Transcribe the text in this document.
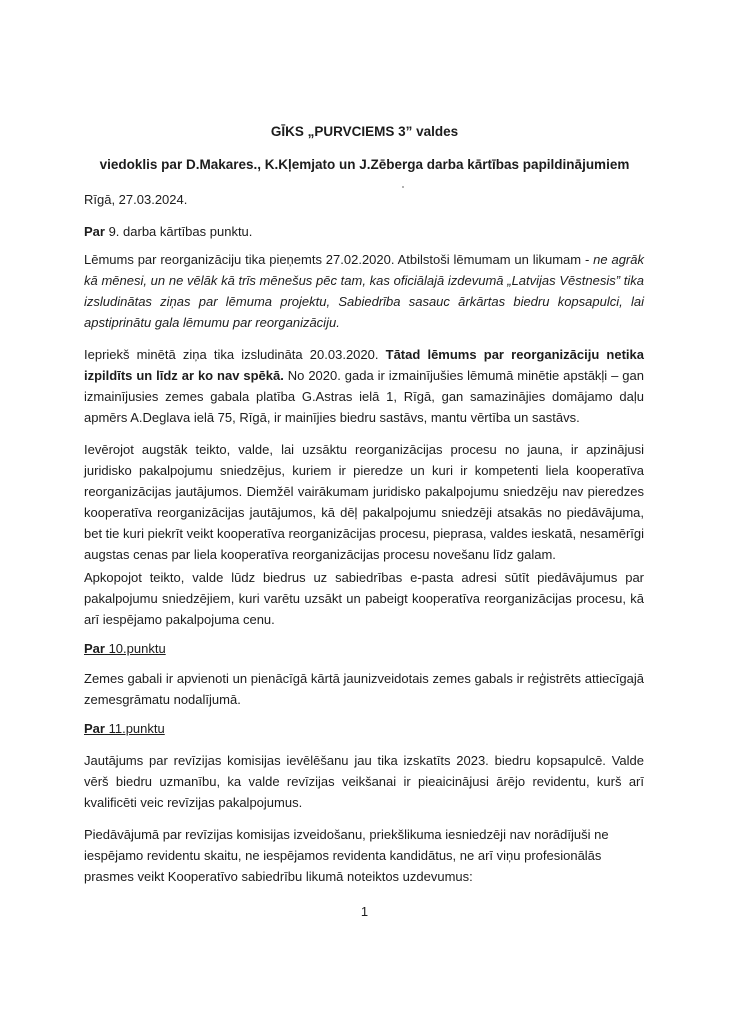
GĪKS „PURVCIEMS 3” valdes
viedoklis par D.Makares., K.Kļemjato un J.Zēberga darba kārtības papildinājumiem
Rīgā, 27.03.2024.
Par 9. darba kārtības punktu.
Lēmums par reorganizāciju tika pieņemts 27.02.2020. Atbilstoši lēmumam un likumam - ne agrāk kā mēnesi, un ne vēlāk kā trīs mēnešus pēc tam, kas oficiālajā izdevumā „Latvijas Vēstnesis” tika izsludinātas ziņas par lēmuma projektu, Sabiedrība sasauc ārkārtas biedru kopsapulci, lai apstiprinātu gala lēmumu par reorganizāciju.
Iepriekš minētā ziņa tika izsludināta 20.03.2020. Tātad lēmums par reorganizāciju netika izpildīts un līdz ar ko nav spēkā. No 2020. gada ir izmainījušies lēmumā minētie apstākļi – gan izmainījusies zemes gabala platība G.Astras ielā 1, Rīgā, gan samazinājies domājamo daļu apmērs A.Deglava ielā 75, Rīgā, ir mainījies biedru sastāvs, mantu vērtība un sastāvs.
Ievērojot augstāk teikto, valde, lai uzsāktu reorganizācijas procesu no jauna, ir apzinājusi juridisko pakalpojumu sniedzējus, kuriem ir pieredze un kuri ir kompetenti liela kooperatīva reorganizācijas jautājumos. Diemžēl vairākumam juridisko pakalpojumu sniedzēju nav pieredzes kooperatīva reorganizācijas jautājumos, kā dēļ pakalpojumu sniedzēji atsakās no piedāvājuma, bet tie kuri piekrīt veikt kooperatīva reorganizācijas procesu, pieprasa, valdes ieskatā, nesamērīgi augstas cenas par liela kooperatīva reorganizācijas procesu novešanu līdz galam.
Apkopojot teikto, valde lūdz biedrus uz sabiedrības e-pasta adresi sūtīt piedāvājumus par pakalpojumu sniedzējiem, kuri varētu uzsākt un pabeigt kooperatīva reorganizācijas procesu, kā arī iespējamo pakalpojuma cenu.
Par 10.punktu
Zemes gabali ir apvienoti un pienācīgā kārtā jaunizveidotais zemes gabals ir reģistrēts attiecīgajā zemesgrāmatu nodalījumā.
Par 11.punktu
Jautājums par revīzijas komisijas ievēlēšanu jau tika izskatīts 2023. biedru kopsapulcē. Valde vērš biedru uzmanību, ka valde revīzijas veikšanai ir pieaicinājusi ārējo revidentu, kurš arī kvalificēti veic revīzijas pakalpojumus.
Piedāvājumā par revīzijas komisijas izveidošanu, priekšlikuma iesniedzēji nav norādījuši ne iespējamo revidentu skaitu, ne iespējamos revidenta kandidātus, ne arī viņu profesionālās prasmes veikt Kooperatīvo sabiedrību likumā noteiktos uzdevumus:
1
